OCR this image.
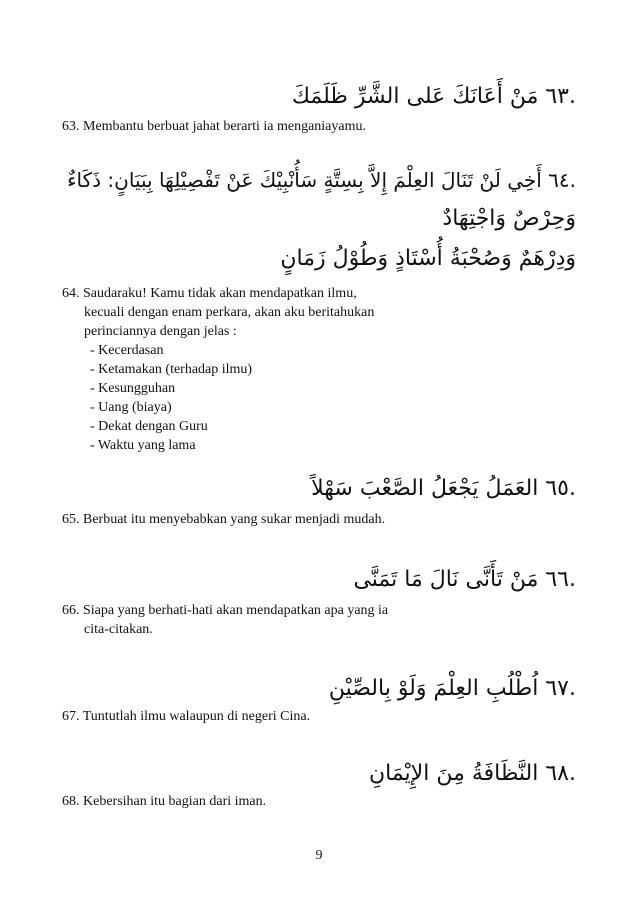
.٦٣ مَنْ أَعَانَكَ عَلى الشَّرِّ ظَلَمَكَ
63. Membantu berbuat jahat berarti ia menganiayamu.
.٦٤ أَخِي لَنْ تَنَالَ العِلْمَ إِلاَّ بِسِتَّةٍ سَأُنْبِيْكَ عَنْ تَفْصِيْلِهَا بِبَيَانٍ: ذَكَاءٌ
وَحِرْصٌ وَاجْتِهَادٌ
وَدِرْهَمٌ وَصُحْبَةُ أُسْتَاذٍ وَطُوْلُ زَمَانٍ
64. Saudaraku! Kamu tidak akan mendapatkan ilmu,
kecuali dengan enam perkara, akan aku beritahukan
perinciannya dengan jelas :
- Kecerdasan
- Ketamakan (terhadap ilmu)
- Kesungguhan
- Uang (biaya)
- Dekat dengan Guru
- Waktu yang lama
.٦٥ العَمَلُ يَجْعَلُ الصَّعْبَ سَهْلاً
65. Berbuat itu menyebabkan yang sukar menjadi mudah.
.٦٦ مَنْ تَأَنَّى نَالَ مَا تَمَنَّى
66. Siapa yang berhati-hati akan mendapatkan apa yang ia
cita-citakan.
.٦٧ اُطْلُبِ العِلْمَ وَلَوْ بِالصِّيْنِ
67. Tuntutlah ilmu walaupun di negeri Cina.
.٦٨ النَّظَافَةُ مِنَ الإِيْمَانِ
68. Kebersihan itu bagian dari iman.
9
